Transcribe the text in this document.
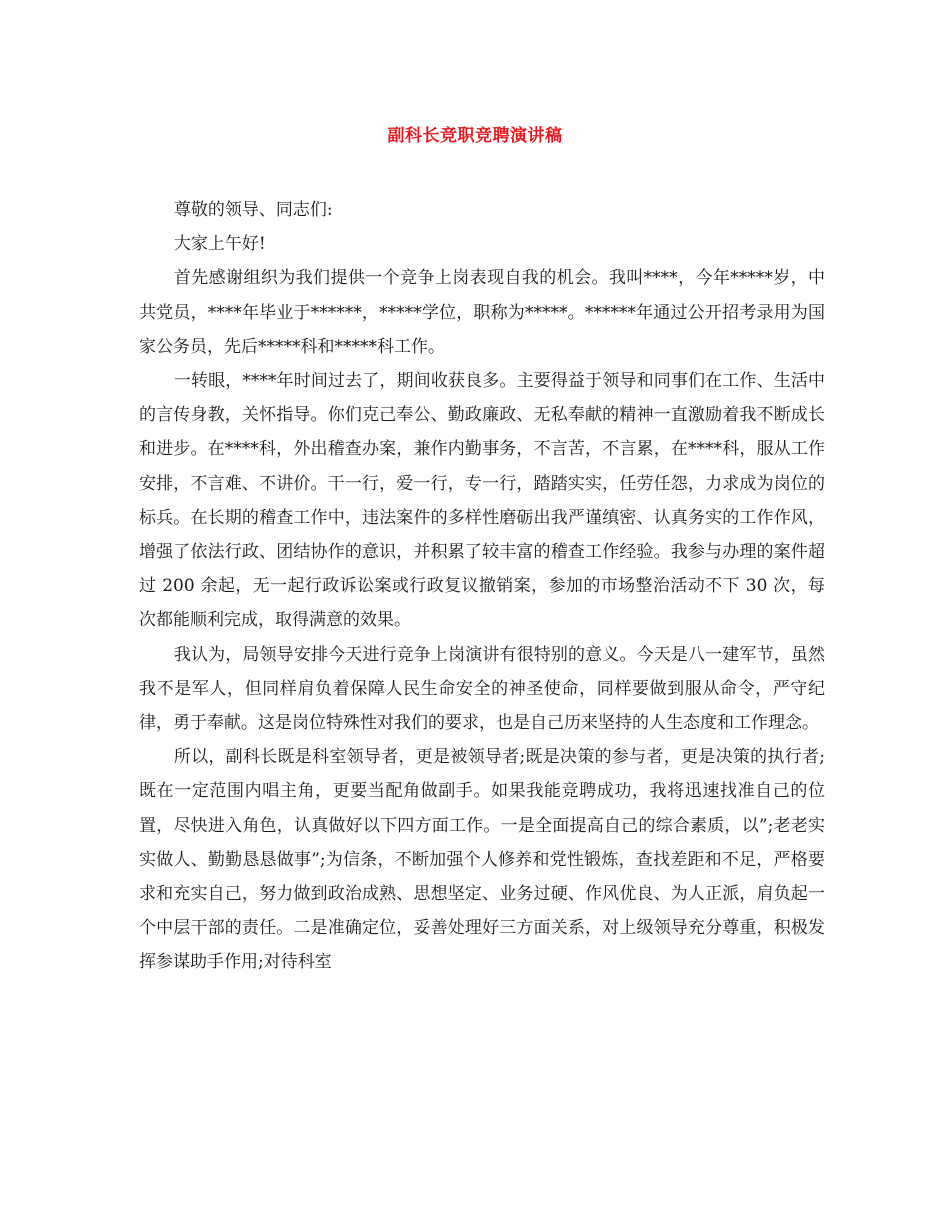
副科长竞职竞聘演讲稿

尊敬的领导、同志们:

大家上午好!

首先感谢组织为我们提供一个竞争上岗表现自我的机会。我叫****，今年*****岁，中共党员，****年毕业于******，*****学位，职称为*****。******年通过公开招考录用为国家公务员，先后*****科和*****科工作。

一转眼，****年时间过去了，期间收获良多。主要得益于领导和同事们在工作、生活中的言传身教，关怀指导。你们克己奉公、勤政廉政、无私奉献的精神一直激励着我不断成长和进步。在****科，外出稽查办案，兼作内勤事务，不言苦，不言累，在****科，服从工作安排，不言难、不讲价。干一行，爱一行，专一行，踏踏实实，任劳任怨，力求成为岗位的标兵。在长期的稽查工作中，违法案件的多样性磨砺出我严谨缜密、认真务实的工作作风，增强了依法行政、团结协作的意识，并积累了较丰富的稽查工作经验。我参与办理的案件超过 200 余起，无一起行政诉讼案或行政复议撤销案，参加的市场整治活动不下 30 次，每次都能顺利完成，取得满意的效果。

我认为，局领导安排今天进行竞争上岗演讲有很特别的意义。今天是八一建军节，虽然我不是军人，但同样肩负着保障人民生命安全的神圣使命，同样要做到服从命令，严守纪律，勇于奉献。这是岗位特殊性对我们的要求，也是自己历来坚持的人生态度和工作理念。

所以，副科长既是科室领导者，更是被领导者;既是决策的参与者，更是决策的执行者;既在一定范围内唱主角，更要当配角做副手。如果我能竞聘成功，我将迅速找准自己的位置，尽快进入角色，认真做好以下四方面工作。一是全面提高自己的综合素质，以”;老老实实做人、勤勤恳恳做事”;为信条，不断加强个人修养和党性锻炼，查找差距和不足，严格要求和充实自己，努力做到政治成熟、思想坚定、业务过硬、作风优良、为人正派，肩负起一个中层干部的责任。二是准确定位，妥善处理好三方面关系，对上级领导充分尊重，积极发挥参谋助手作用;对待科室
